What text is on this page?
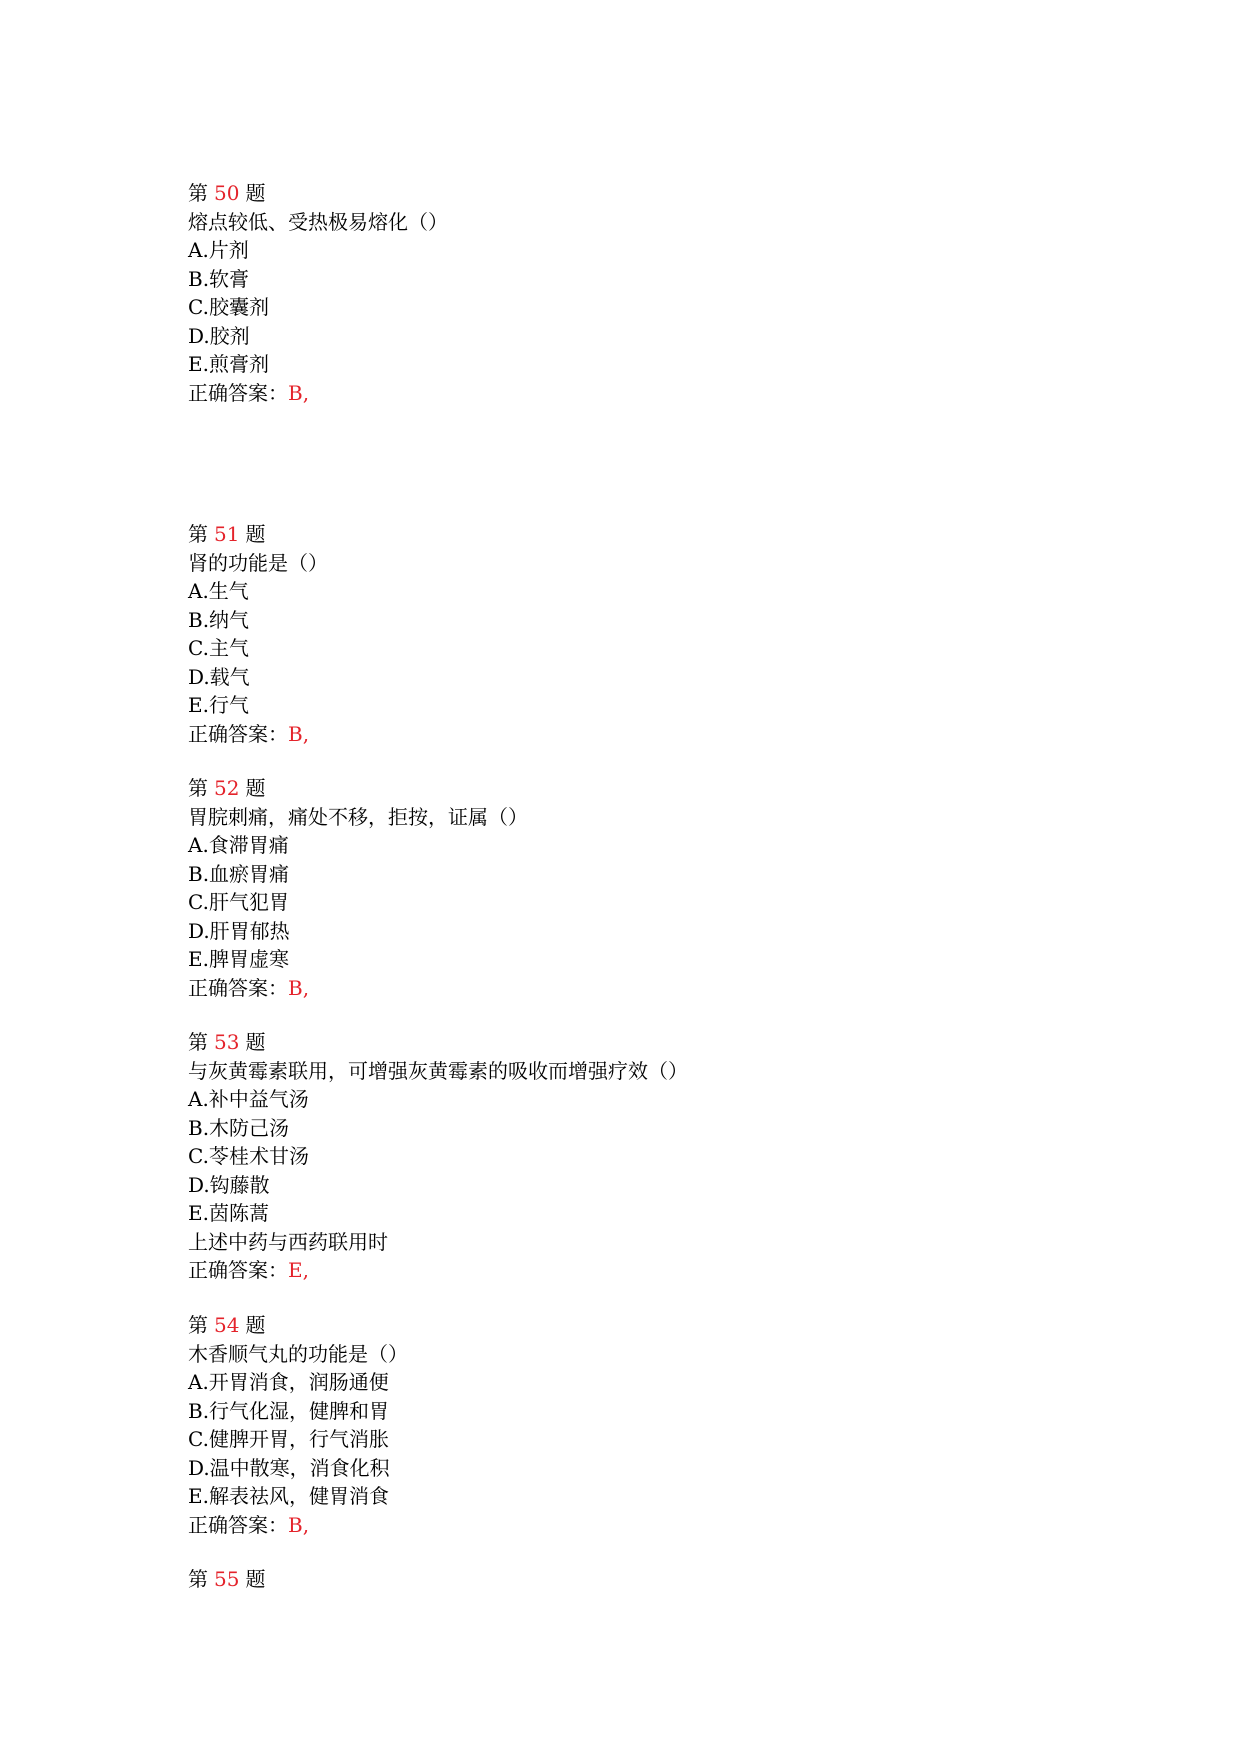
第 50 题
熔点较低、受热极易熔化（）
A.片剂
B.软膏
C.胶囊剂
D.胶剂
E.煎膏剂
正确答案：B,
第 51 题
肾的功能是（）
A.生气
B.纳气
C.主气
D.载气
E.行气
正确答案：B,
第 52 题
胃脘刺痛，痛处不移，拒按，证属（）
A.食滞胃痛
B.血瘀胃痛
C.肝气犯胃
D.肝胃郁热
E.脾胃虚寒
正确答案：B,
第 53 题
与灰黄霉素联用，可增强灰黄霉素的吸收而增强疗效（）
A.补中益气汤
B.木防己汤
C.苓桂术甘汤
D.钩藤散
E.茵陈蒿
上述中药与西药联用时
正确答案：E,
第 54 题
木香顺气丸的功能是（）
A.开胃消食，润肠通便
B.行气化湿，健脾和胃
C.健脾开胃，行气消胀
D.温中散寒，消食化积
E.解表祛风，健胃消食
正确答案：B,
第 55 题
